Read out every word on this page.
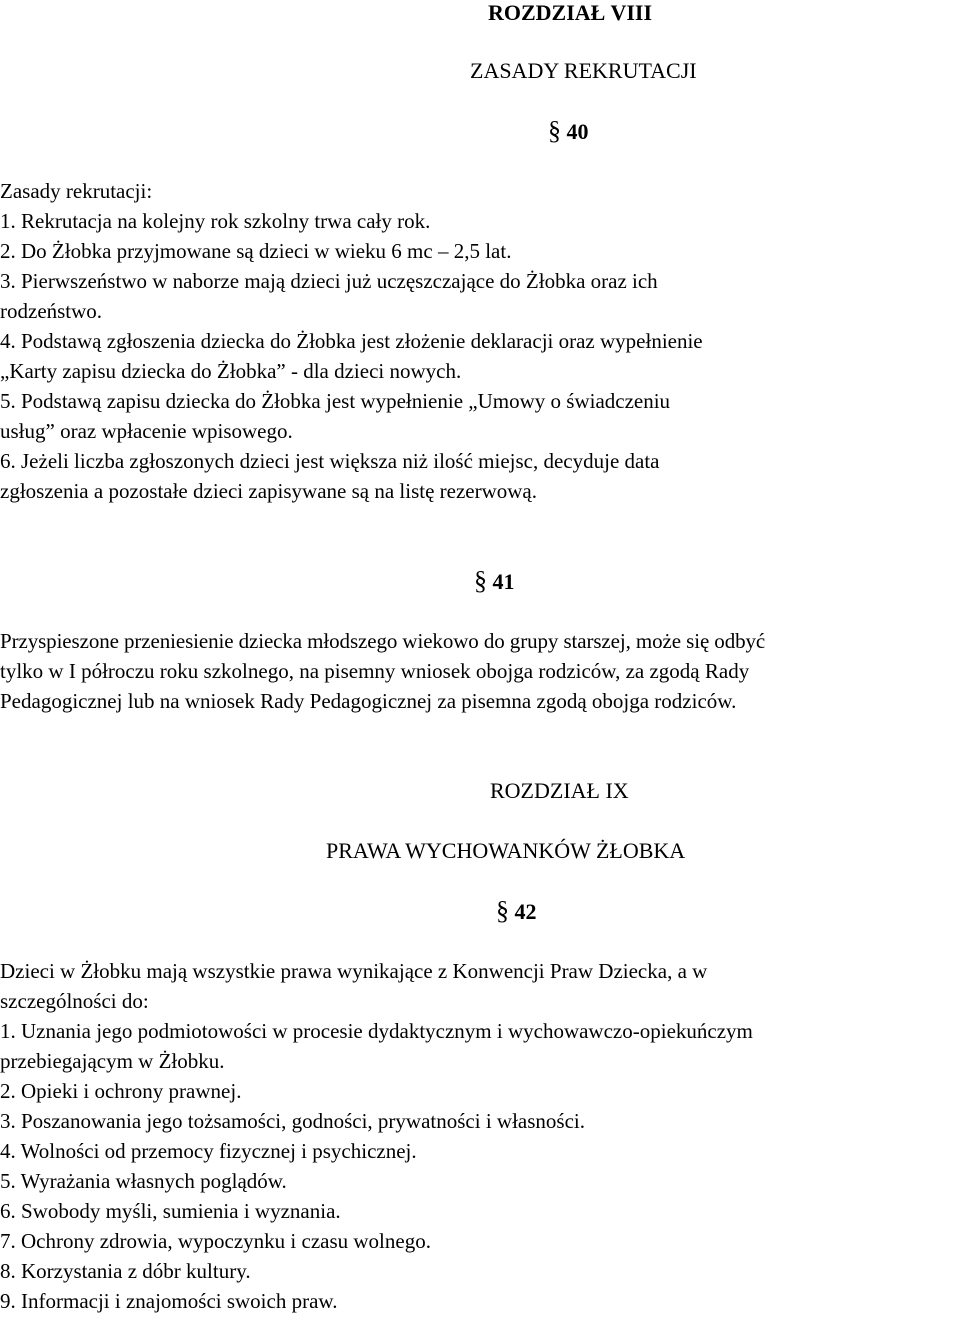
ROZDZIAŁ VIII
ZASADY REKRUTACJI
§ 40
Zasady rekrutacji:
1. Rekrutacja na kolejny rok szkolny trwa cały rok.
2. Do Żłobka przyjmowane są dzieci w wieku 6 mc – 2,5 lat.
3. Pierwszeństwo w naborze mają dzieci już uczęszczające do Żłobka oraz ich
rodzeństwo.
4. Podstawą zgłoszenia dziecka do Żłobka jest złożenie deklaracji oraz wypełnienie
„Karty zapisu dziecka do Żłobka” - dla dzieci nowych.
5. Podstawą zapisu dziecka do Żłobka jest wypełnienie „Umowy o świadczeniu
usług” oraz wpłacenie wpisowego.
6. Jeżeli liczba zgłoszonych dzieci jest większa niż ilość miejsc, decyduje data
zgłoszenia a pozostałe dzieci zapisywane są na listę rezerwową.
§ 41
Przyspieszone przeniesienie dziecka młodszego wiekowo do grupy starszej, może się odbyć
tylko w I półroczu roku szkolnego, na pisemny wniosek obojga rodziców, za zgodą Rady
Pedagogicznej lub na wniosek Rady Pedagogicznej za pisemna zgodą obojga rodziców.
ROZDZIAŁ IX
PRAWA WYCHOWANKÓW ŻŁOBKA
§ 42
Dzieci w Żłobku mają wszystkie prawa wynikające z Konwencji Praw Dziecka, a w
szczególności do:
1. Uznania jego podmiotowości w procesie dydaktycznym i wychowawczo-opiekuńczym
przebiegającym w Żłobku.
2. Opieki i ochrony prawnej.
3. Poszanowania jego tożsamości, godności, prywatności i własności.
4. Wolności od przemocy fizycznej i psychicznej.
5. Wyrażania własnych poglądów.
6. Swobody myśli, sumienia i wyznania.
7. Ochrony zdrowia, wypoczynku i czasu wolnego.
8. Korzystania z dóbr kultury.
9. Informacji i znajomości swoich praw.
